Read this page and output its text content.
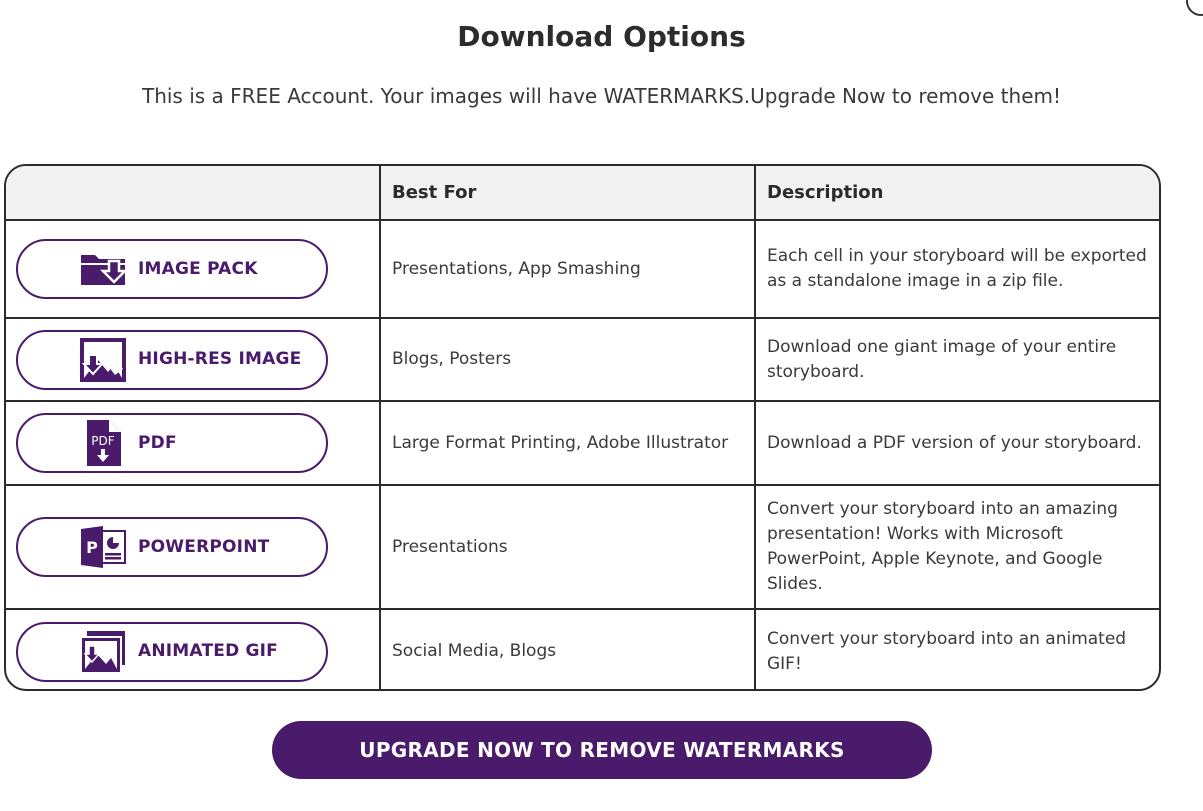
Download Options

This is a FREE Account. Your images will have WATERMARKS.Upgrade Now to remove them!

	Best For	Description

IMAGE PACK	Presentations, App Smashing	Each cell in your storyboard will be exported as a standalone image in a zip file.

HIGH-RES IMAGE	Blogs, Posters	Download one giant image of your entire storyboard.

PDF PDF	Large Format Printing, Adobe Illustrator	Download a PDF version of your storyboard.

P POWERPOINT	Presentations	Convert your storyboard into an amazing presentation! Works with Microsoft PowerPoint, Apple Keynote, and Google Slides.

ANIMATED GIF	Social Media, Blogs	Convert your storyboard into an animated GIF!
UPGRADE NOW TO REMOVE WATERMARKS
